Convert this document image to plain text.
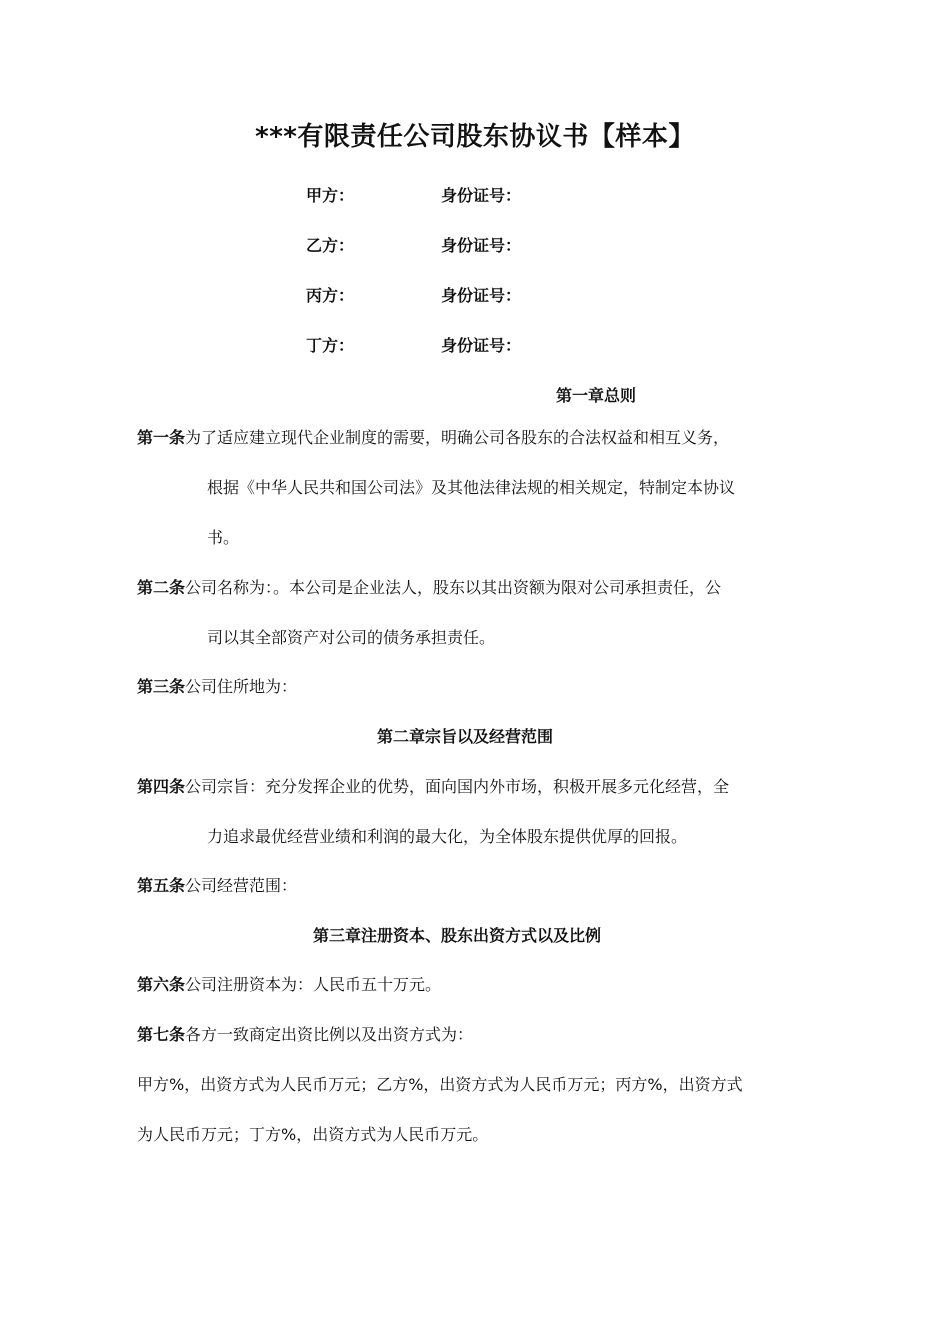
***有限责任公司股东协议书【样本】
甲方：	身份证号：
乙方：	身份证号：
丙方：	身份证号：
丁方：	身份证号：
第一章总则
第一条为了适应建立现代企业制度的需要，明确公司各股东的合法权益和相互义务，
根据《中华人民共和国公司法》及其他法律法规的相关规定，特制定本协议
书。
第二条公司名称为：。本公司是企业法人，股东以其出资额为限对公司承担责任，公
司以其全部资产对公司的债务承担责任。
第三条公司住所地为：
第二章宗旨以及经营范围
第四条公司宗旨：充分发挥企业的优势，面向国内外市场，积极开展多元化经营，全
力追求最优经营业绩和利润的最大化，为全体股东提供优厚的回报。
第五条公司经营范围：
第三章注册资本、股东出资方式以及比例
第六条公司注册资本为：人民币五十万元。
第七条各方一致商定出资比例以及出资方式为：
甲方%，出资方式为人民币万元；乙方%，出资方式为人民币万元；丙方%，出资方式
为人民币万元；丁方%，出资方式为人民币万元。
